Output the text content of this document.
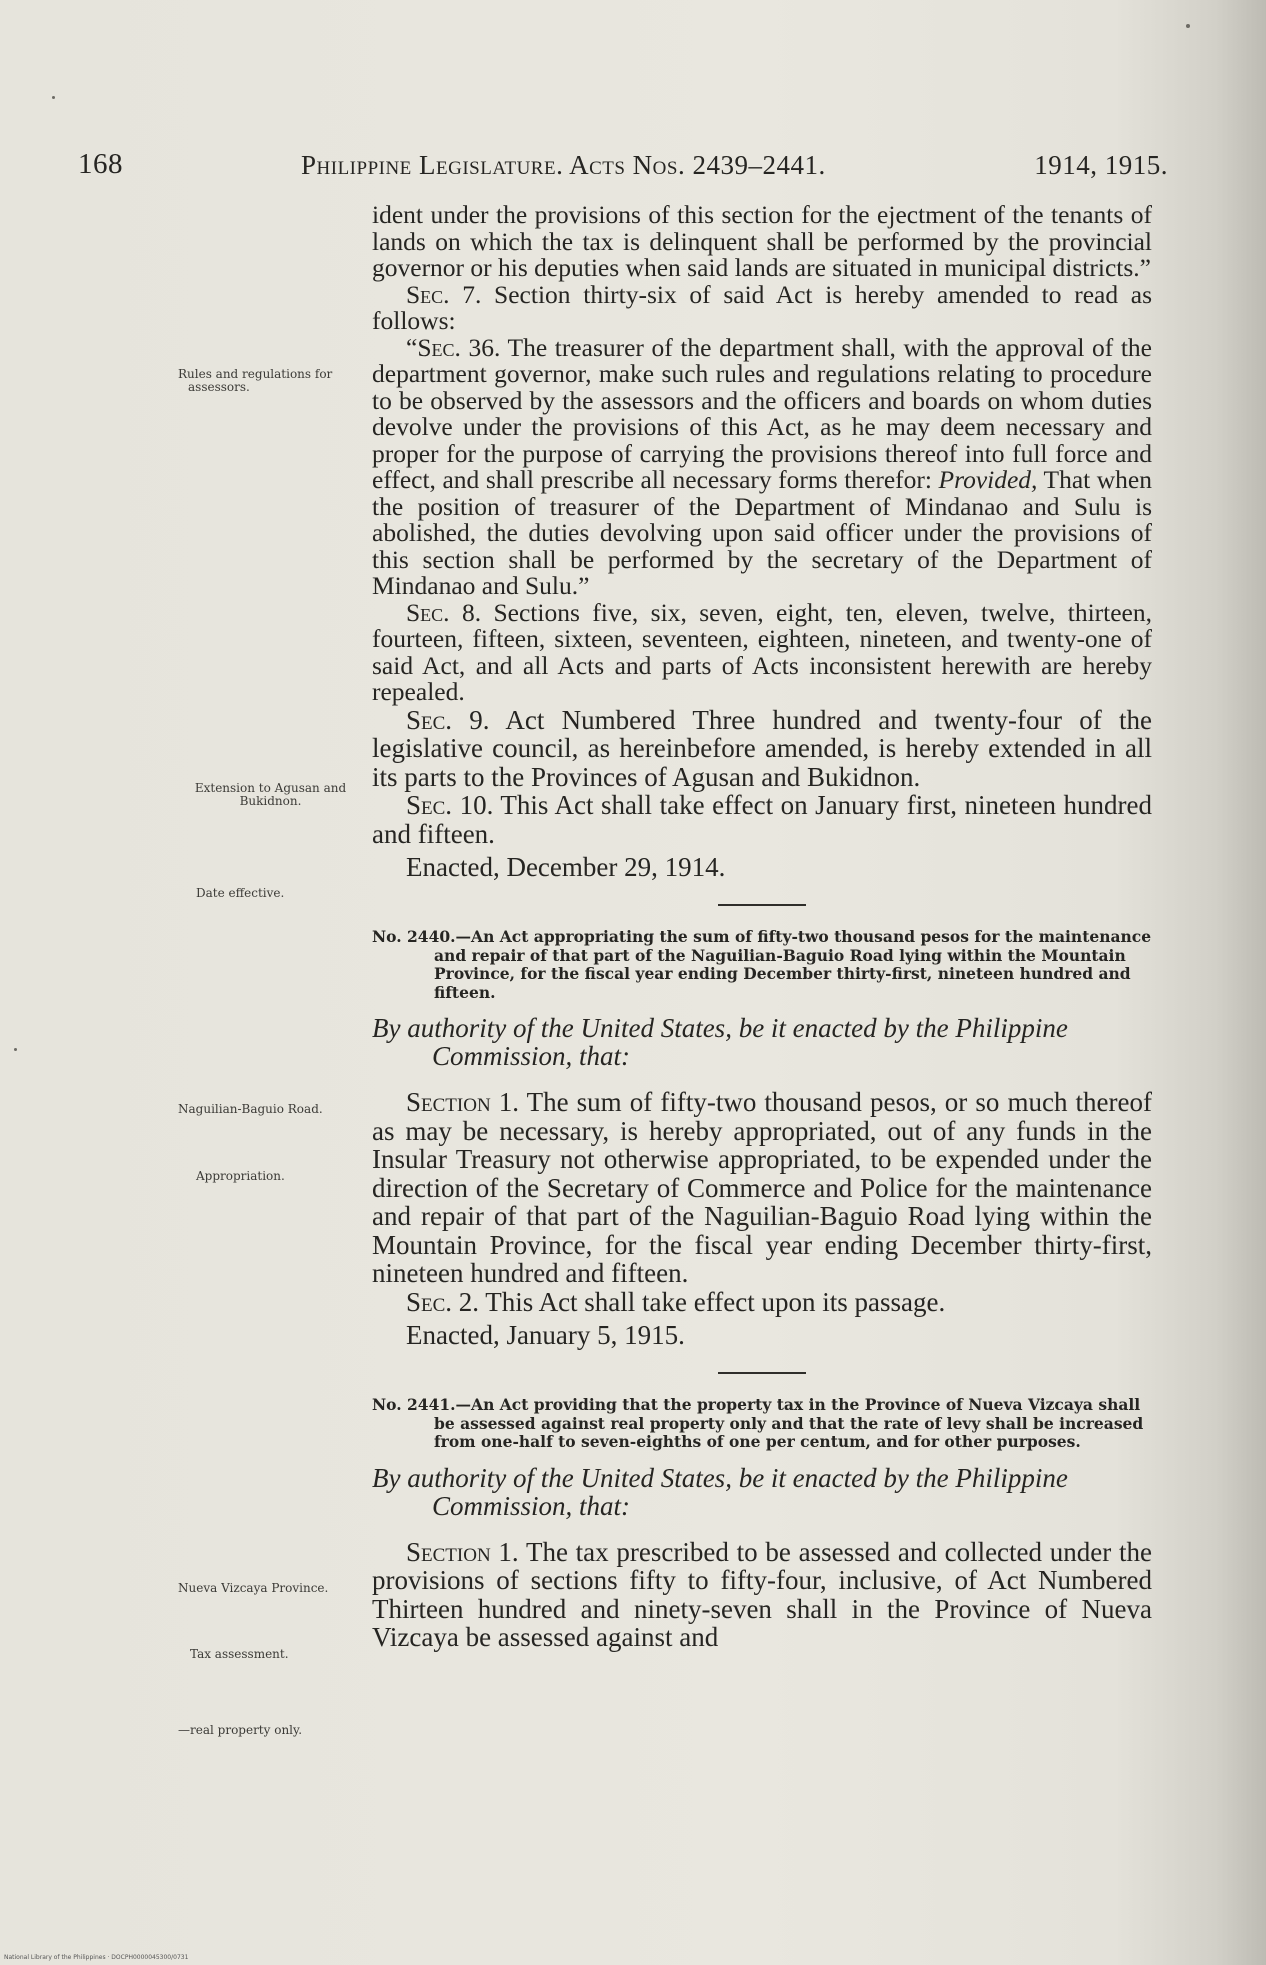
168	Philippine Legislature. Acts Nos. 2439–2441.	1914, 1915.
Rules and regulations for assessors.
Extension to Agusan and Bukidnon.
Date effective.
Naguilian-Baguio Road.
Appropriation.
Nueva Vizcaya Province.
Tax assessment.
—real property only.

ident under the provisions of this section for the ejectment of the tenants of lands on which the tax is delinquent shall be performed by the provincial governor or his deputies when said lands are situated in municipal districts.”

Sec. 7. Section thirty-six of said Act is hereby amended to read as follows:

“Sec. 36. The treasurer of the department shall, with the approval of the department governor, make such rules and regulations relating to procedure to be observed by the assessors and the officers and boards on whom duties devolve under the provisions of this Act, as he may deem necessary and proper for the purpose of carrying the provisions thereof into full force and effect, and shall prescribe all necessary forms therefor: Provided, That when the position of treasurer of the Department of Mindanao and Sulu is abolished, the duties devolving upon said officer under the provisions of this section shall be performed by the secretary of the Department of Mindanao and Sulu.”

Sec. 8. Sections five, six, seven, eight, ten, eleven, twelve, thirteen, fourteen, fifteen, sixteen, seventeen, eighteen, nineteen, and twenty-one of said Act, and all Acts and parts of Acts inconsistent herewith are hereby repealed.

Sec. 9. Act Numbered Three hundred and twenty-four of the legislative council, as hereinbefore amended, is hereby extended in all its parts to the Provinces of Agusan and Bukidnon.

Sec. 10. This Act shall take effect on January first, nineteen hundred and fifteen.

Enacted, December 29, 1914.

No. 2440.—An Act appropriating the sum of fifty-two thousand pesos for the maintenance and repair of that part of the Naguilian-Baguio Road lying within the Mountain Province, for the fiscal year ending December thirty-first, nineteen hundred and fifteen.

By authority of the United States, be it enacted by the Philippine Commission, that:

Section 1. The sum of fifty-two thousand pesos, or so much thereof as may be necessary, is hereby appropriated, out of any funds in the Insular Treasury not otherwise appropriated, to be expended under the direction of the Secretary of Commerce and Police for the maintenance and repair of that part of the Naguilian-Baguio Road lying within the Mountain Province, for the fiscal year ending December thirty-first, nineteen hundred and fifteen.

Sec. 2. This Act shall take effect upon its passage.

Enacted, January 5, 1915.

No. 2441.—An Act providing that the property tax in the Province of Nueva Vizcaya shall be assessed against real property only and that the rate of levy shall be increased from one-half to seven-eighths of one per centum, and for other purposes.

By authority of the United States, be it enacted by the Philippine Commission, that:

Section 1. The tax prescribed to be assessed and collected under the provisions of sections fifty to fifty-four, inclusive, of Act Numbered Thirteen hundred and ninety-seven shall in the Province of Nueva Vizcaya be assessed against and

National Library of the Philippines · DOCPH0000045300/0731
